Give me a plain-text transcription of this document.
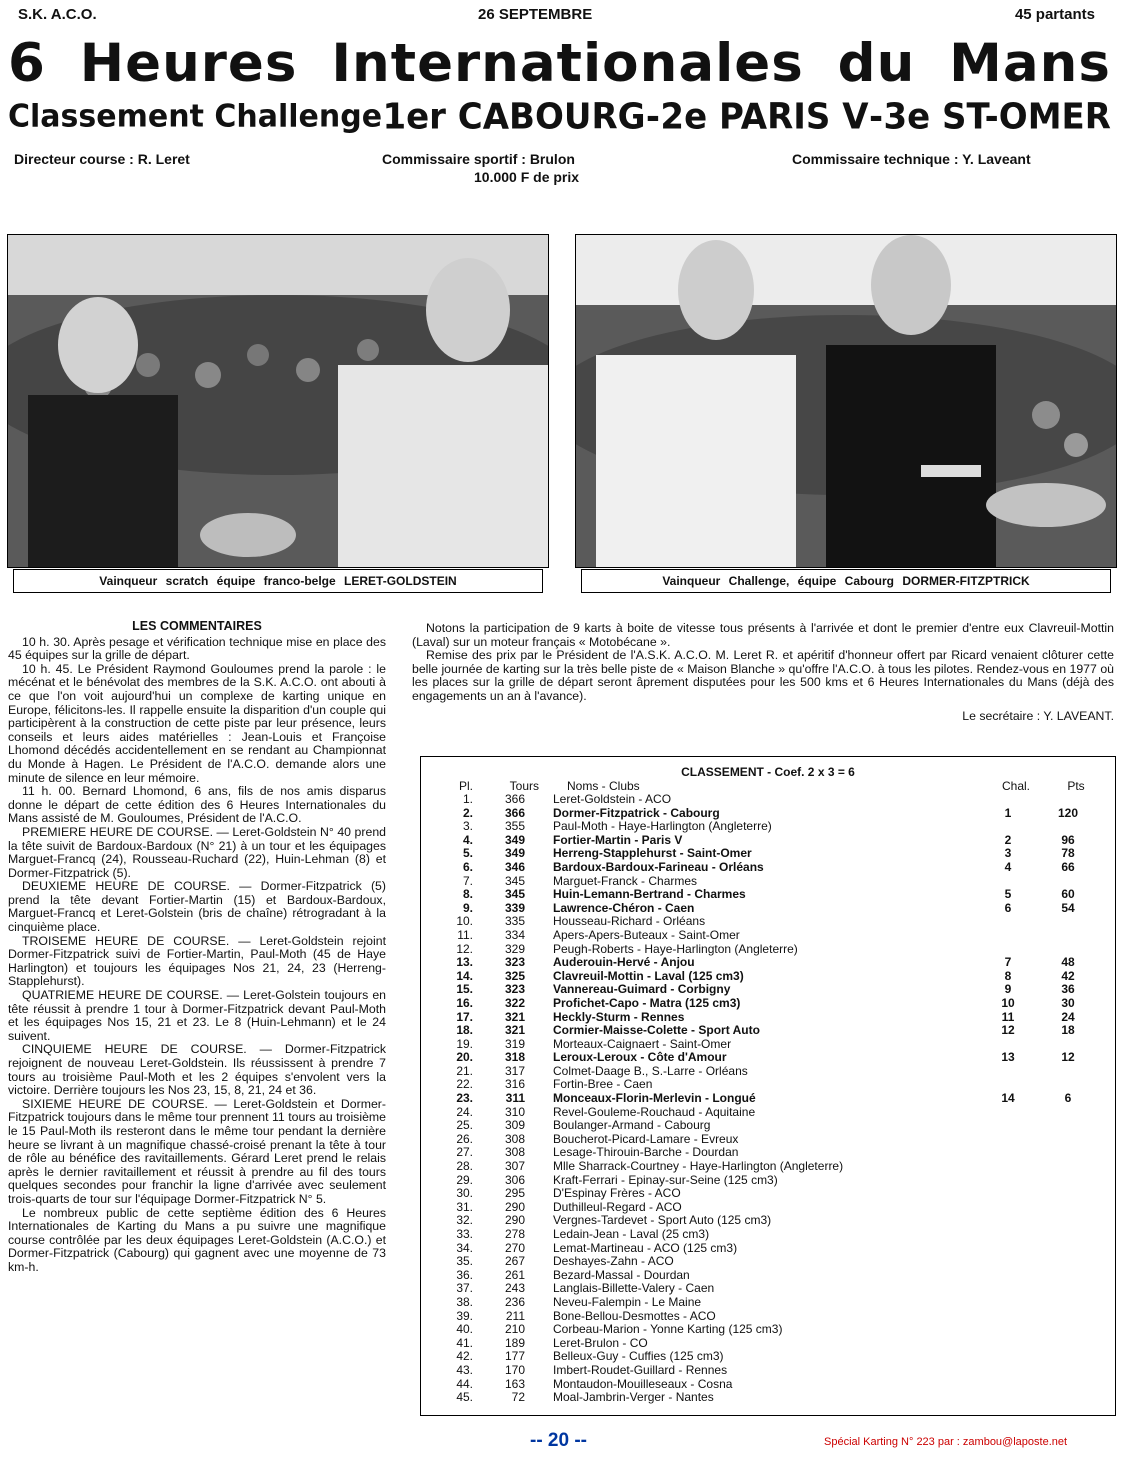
S.K. A.C.O.	26 SEPTEMBRE	45 partants
6 Heures Internationales du Mans
Classement Challenge 1er CABOURG - 2e PARIS V - 3e ST-OMER
Directeur course : R. Leret	Commissaire sportif : Brulon
10.000 F de prix
Commissaire technique : Y. Laveant
Vainqueur scratch équipe franco-belge LERET-GOLDSTEIN	Vainqueur Challenge, équipe Cabourg DORMER-FITZPTRICK
LES COMMENTAIRES

10 h. 30. Après pesage et vérification technique mise en place des 45 équipes sur la grille de départ.

10 h. 45. Le Président Raymond Gouloumes prend la parole : le mécénat et le bénévolat des membres de la S.K. A.C.O. ont abouti à ce que l'on voit aujourd'hui un complexe de karting unique en Europe, félicitons-les. Il rappelle ensuite la disparition d'un couple qui participèrent à la construction de cette piste par leur présence, leurs conseils et leurs aides matérielles : Jean-Louis et Françoise Lhomond décédés accidentellement en se rendant au Championnat du Monde à Hagen. Le Président de l'A.C.O. demande alors une minute de silence en leur mémoire.

11 h. 00. Bernard Lhomond, 6 ans, fils de nos amis disparus donne le départ de cette édition des 6 Heures Internationales du Mans assisté de M. Gouloumes, Président de l'A.C.O.

PREMIERE HEURE DE COURSE. — Leret-Goldstein N° 40 prend la tête suivit de Bardoux-Bardoux (N° 21) à un tour et les équipages Marguet-Francq (24), Rousseau-Ruchard (22), Huin-Lehman (8) et Dormer-Fitzpatrick (5).

DEUXIEME HEURE DE COURSE. — Dormer-Fitzpatrick (5) prend la tête devant Fortier-Martin (15) et Bardoux-Bardoux, Marguet-Francq et Leret-Golstein (bris de chaîne) rétrogradant à la cinquième place.

TROISEME HEURE DE COURSE. — Leret-Goldstein rejoint Dormer-Fitzpatrick suivi de Fortier-Martin, Paul-Moth (45 de Haye Harlington) et toujours les équipages Nos 21, 24, 23 (Herreng-Stapplehurst).

QUATRIEME HEURE DE COURSE. — Leret-Golstein toujours en tête réussit à prendre 1 tour à Dormer-Fitzpatrick devant Paul-Moth et les équipages Nos 15, 21 et 23. Le 8 (Huin-Lehmann) et le 24 suivent.

CINQUIEME HEURE DE COURSE. — Dormer-Fitzpatrick rejoignent de nouveau Leret-Goldstein. Ils réussissent à prendre 7 tours au troisième Paul-Moth et les 2 équipes s'envolent vers la victoire. Derrière toujours les Nos 23, 15, 8, 21, 24 et 36.

SIXIEME HEURE DE COURSE. — Leret-Goldstein et Dormer-Fitzpatrick toujours dans le même tour prennent 11 tours au troisième le 15 Paul-Moth ils resteront dans le même tour pendant la dernière heure se livrant à un magnifique chassé-croisé prenant la tête à tour de rôle au bénéfice des ravitaillements. Gérard Leret prend le relais après le dernier ravitaillement et réussit à prendre au fil des tours quelques secondes pour franchir la ligne d'arrivée avec seulement trois-quarts de tour sur l'équipage Dormer-Fitzpatrick N° 5.

Le nombreux public de cette septième édition des 6 Heures Internationales de Karting du Mans a pu suivre une magnifique course contrôlée par les deux équipages Leret-Goldstein (A.C.O.) et Dormer-Fitzpatrick (Cabourg) qui gagnent avec une moyenne de 73 km-h.

Notons la participation de 9 karts à boite de vitesse tous présents à l'arrivée et dont le premier d'entre eux Clavreuil-Mottin (Laval) sur un moteur français « Motobécane ».

Remise des prix par le Président de l'A.S.K. A.C.O. M. Leret R. et apéritif d'honneur offert par Ricard venaient clôturer cette belle journée de karting sur la très belle piste de « Maison Blanche » qu'offre l'A.C.O. à tous les pilotes. Rendez-vous en 1977 où les places sur la grille de départ seront âprement disputées pour les 500 kms et 6 Heures Internationales du Mans (déjà des engagements un an à l'avance).

Le secrétaire : Y. LAVEANT.
CLASSEMENT - Coef. 2 x 3 = 6
Pl.	Tours	Noms - Clubs	Chal.	Pts
1.	366	Leret-Goldstein - ACO
2.	366	Dormer-Fitzpatrick - Cabourg	1	120
3.	355	Paul-Moth - Haye-Harlington (Angleterre)
4.	349	Fortier-Martin - Paris V	2	96
5.	349	Herreng-Stapplehurst - Saint-Omer	3	78
6.	346	Bardoux-Bardoux-Farineau - Orléans	4	66
7.	345	Marguet-Franck - Charmes
8.	345	Huin-Lemann-Bertrand - Charmes	5	60
9.	339	Lawrence-Chéron - Caen	6	54
10.	335	Housseau-Richard - Orléans
11.	334	Apers-Apers-Buteaux - Saint-Omer
12.	329	Peugh-Roberts - Haye-Harlington (Angleterre)
13.	323	Auderouin-Hervé - Anjou	7	48
14.	325	Clavreuil-Mottin - Laval (125 cm3)	8	42
15.	323	Vannereau-Guimard - Corbigny	9	36
16.	322	Profichet-Capo - Matra (125 cm3)	10	30
17.	321	Heckly-Sturm - Rennes	11	24
18.	321	Cormier-Maisse-Colette - Sport Auto	12	18
19.	319	Morteaux-Caignaert - Saint-Omer
20.	318	Leroux-Leroux - Côte d'Amour	13	12
21.	317	Colmet-Daage B., S.-Larre - Orléans
22.	316	Fortin-Bree - Caen
23.	311	Monceaux-Florin-Merlevin - Longué	14	6
24.	310	Revel-Gouleme-Rouchaud - Aquitaine
25.	309	Boulanger-Armand - Cabourg
26.	308	Boucherot-Picard-Lamare - Evreux
27.	308	Lesage-Thirouin-Barche - Dourdan
28.	307	Mlle Sharrack-Courtney - Haye-Harlington (Angleterre)
29.	306	Kraft-Ferrari - Epinay-sur-Seine (125 cm3)
30.	295	D'Espinay Frères - ACO
31.	290	Duthilleul-Regard - ACO
32.	290	Vergnes-Tardevet - Sport Auto (125 cm3)
33.	278	Ledain-Jean - Laval (25 cm3)
34.	270	Lemat-Martineau - ACO (125 cm3)
35.	267	Deshayes-Zahn - ACO
36.	261	Bezard-Massal - Dourdan
37.	243	Langlais-Billette-Valery - Caen
38.	236	Neveu-Falempin - Le Maine
39.	211	Bone-Bellou-Desmottes - ACO
40.	210	Corbeau-Marion - Yonne Karting (125 cm3)
41.	189	Leret-Brulon - CO
42.	177	Belleux-Guy - Cuffies (125 cm3)
43.	170	Imbert-Roudet-Guillard - Rennes
44.	163	Montaudon-Mouilleseaux - Cosna
45.	72	Moal-Jambrin-Verger - Nantes
-- 20 --	Spécial Karting N° 223 par : zambou@laposte.net
